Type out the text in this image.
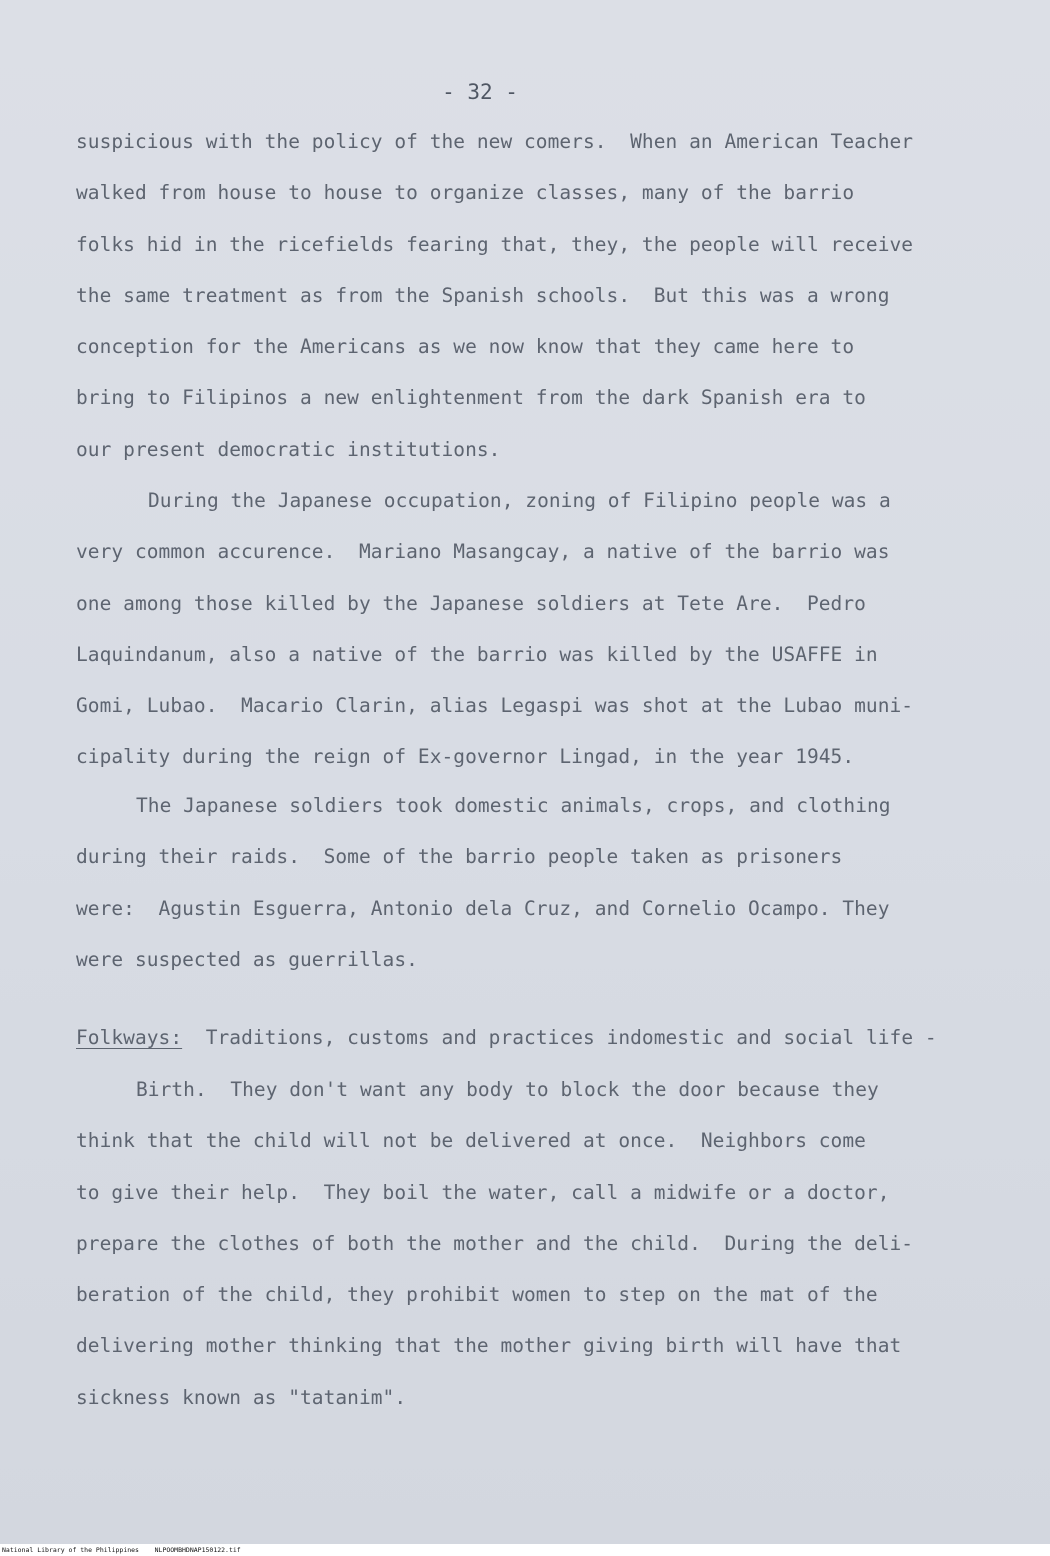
- 32 -
suspicious with the policy of the new comers.  When an American Teacher
walked from house to house to organize classes, many of the barrio
folks hid in the ricefields fearing that, they, the people will receive
the same treatment as from the Spanish schools.  But this was a wrong
conception for the Americans as we now know that they came here to
bring to Filipinos a new enlightenment from the dark Spanish era to
our present democratic institutions.
During the Japanese occupation, zoning of Filipino people was a
very common accurence.  Mariano Masangcay, a native of the barrio was
one among those killed by the Japanese soldiers at Tete Are.  Pedro
Laquindanum, also a native of the barrio was killed by the USAFFE in
Gomi, Lubao.  Macario Clarin, alias Legaspi was shot at the Lubao muni-
cipality during the reign of Ex-governor Lingad, in the year 1945.
The Japanese soldiers took domestic animals, crops, and clothing
during their raids.  Some of the barrio people taken as prisoners
were:  Agustin Esguerra, Antonio dela Cruz, and Cornelio Ocampo. They
were suspected as guerrillas.
Folkways:  Traditions, customs and practices indomestic and social life -
Birth.  They don't want any body to block the door because they
think that the child will not be delivered at once.  Neighbors come
to give their help.  They boil the water, call a midwife or a doctor,
prepare the clothes of both the mother and the child.  During the deli-
beration of the child, they prohibit women to step on the mat of the
delivering mother thinking that the mother giving birth will have that
sickness known as "tatanim".
National Library of the Philippines    NLPOOMBHDNAP150122.tif
